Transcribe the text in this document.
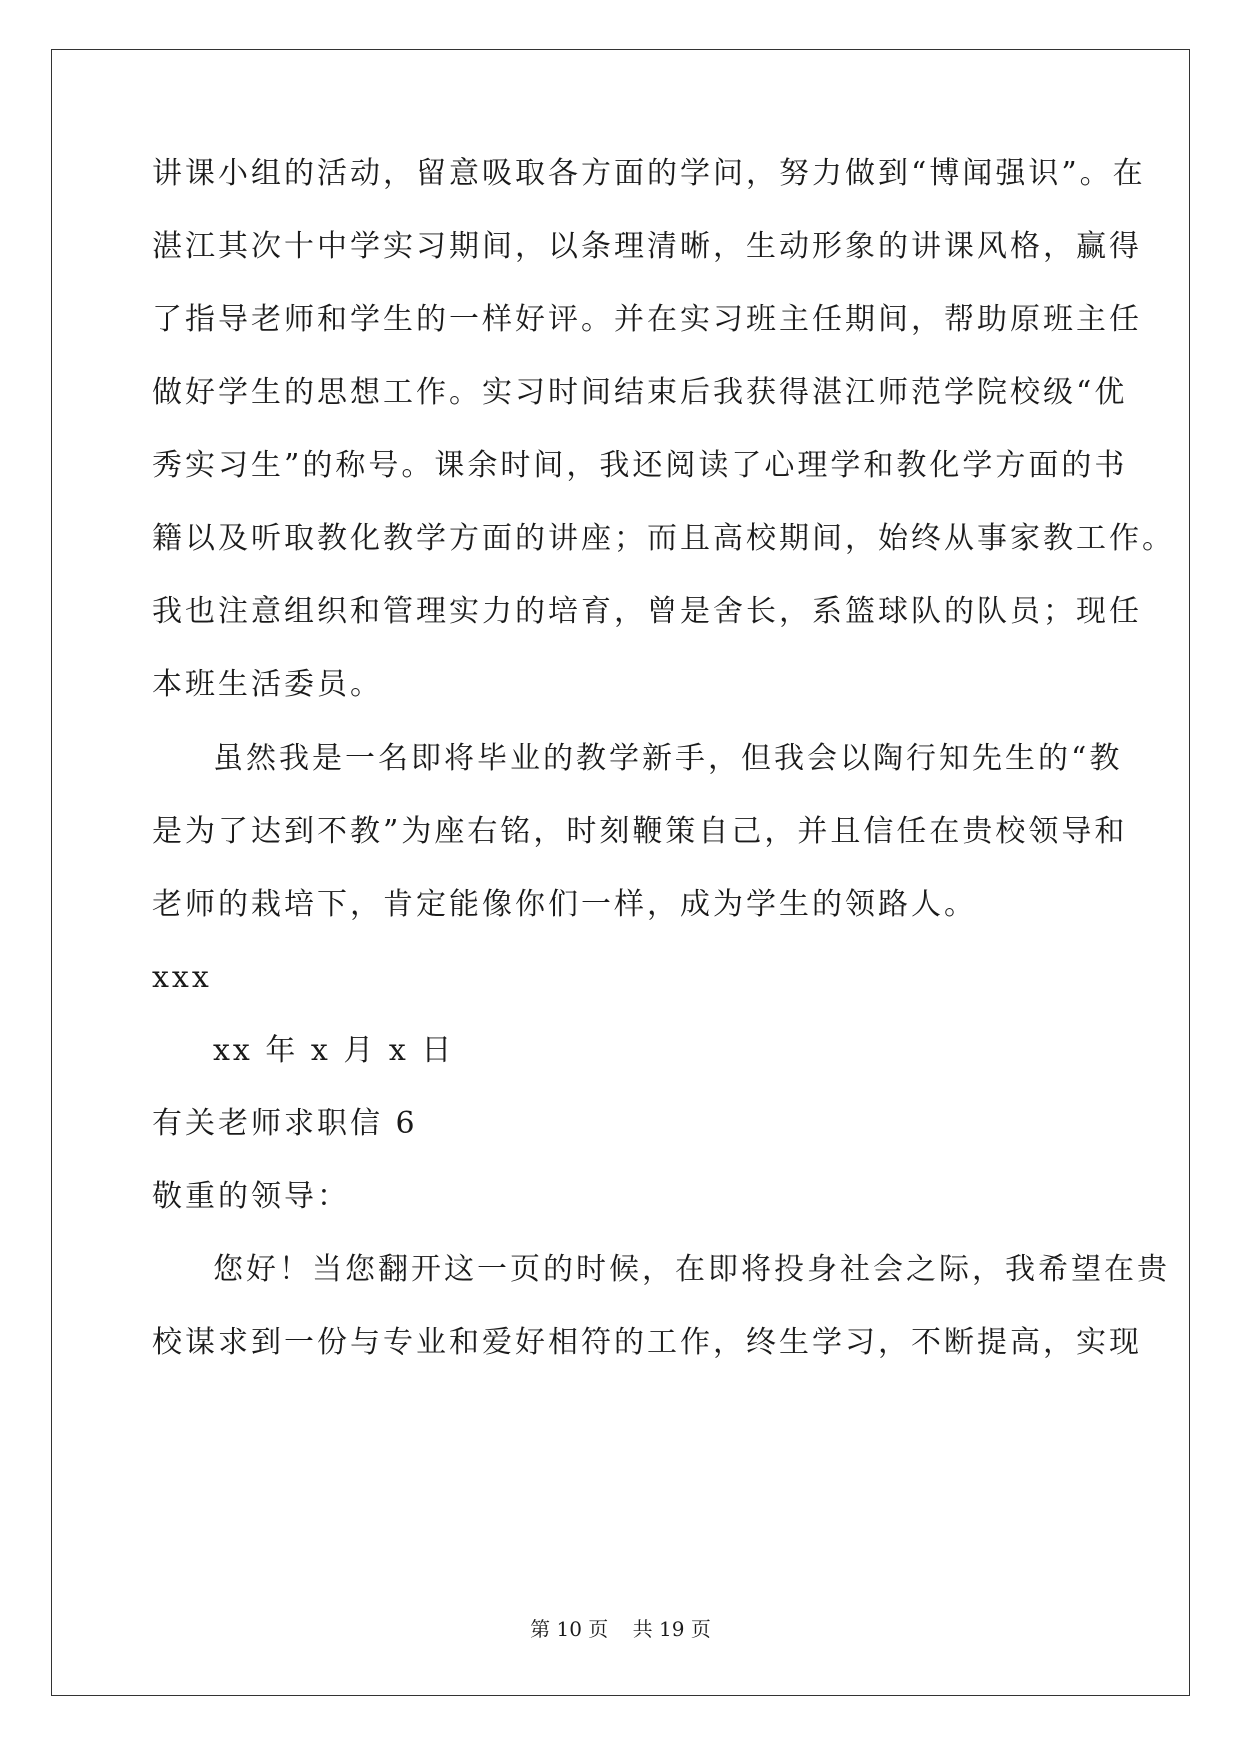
讲课小组的活动，留意吸取各方面的学问，努力做到“博闻强识”。在
湛江其次十中学实习期间，以条理清晰，生动形象的讲课风格，赢得
了指导老师和学生的一样好评。并在实习班主任期间，帮助原班主任
做好学生的思想工作。实习时间结束后我获得湛江师范学院校级“优
秀实习生”的称号。课余时间，我还阅读了心理学和教化学方面的书
籍以及听取教化教学方面的讲座；而且高校期间，始终从事家教工作。
我也注意组织和管理实力的培育，曾是舍长，系篮球队的队员；现任
本班生活委员。
虽然我是一名即将毕业的教学新手，但我会以陶行知先生的“教
是为了达到不教”为座右铭，时刻鞭策自己，并且信任在贵校领导和
老师的栽培下，肯定能像你们一样，成为学生的领路人。
xxx
xx 年 x 月 x 日
有关老师求职信 6
敬重的领导：
您好！当您翻开这一页的时候，在即将投身社会之际，我希望在贵
校谋求到一份与专业和爱好相符的工作，终生学习，不断提高，实现
第 10 页 共 19 页
